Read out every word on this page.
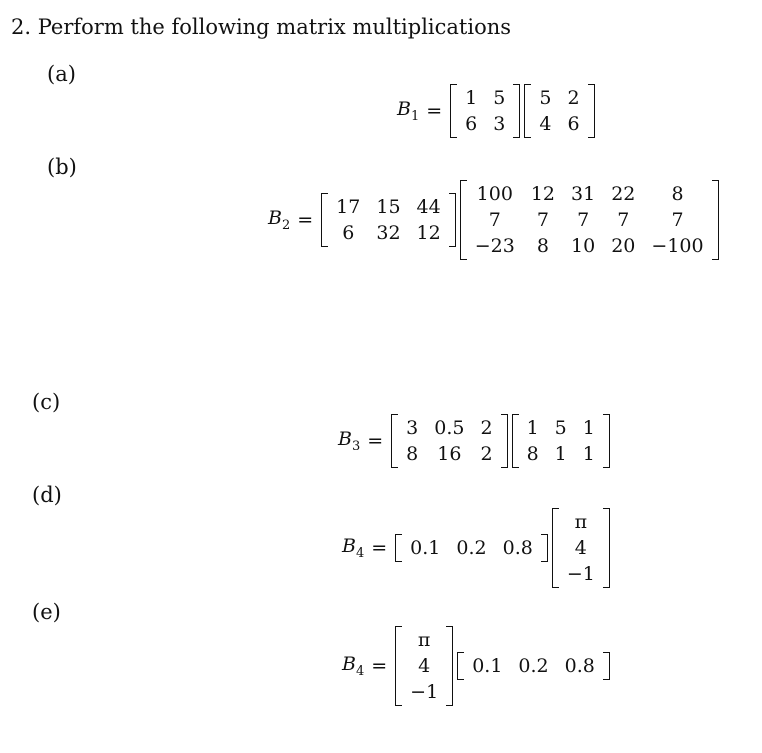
2. Perform the following matrix multiplications
(a)
$B_1$ =
1 5
6 3
5 2
4 6
(b)
$B_2$ =
17 15 44
6	32 12
100 12 31 22	8
7	7	7	7	7
−23	8	10 20 −100
(c)
$B_3$ =
3 0.5 2
8 16 2
1 5 1
8 1 1
(d)
$B_4 = 0.1$ 0.2 0.8
π
4
−1
(e)
$B_4$ =
π
4
−1
0.1 0.2 0.8
